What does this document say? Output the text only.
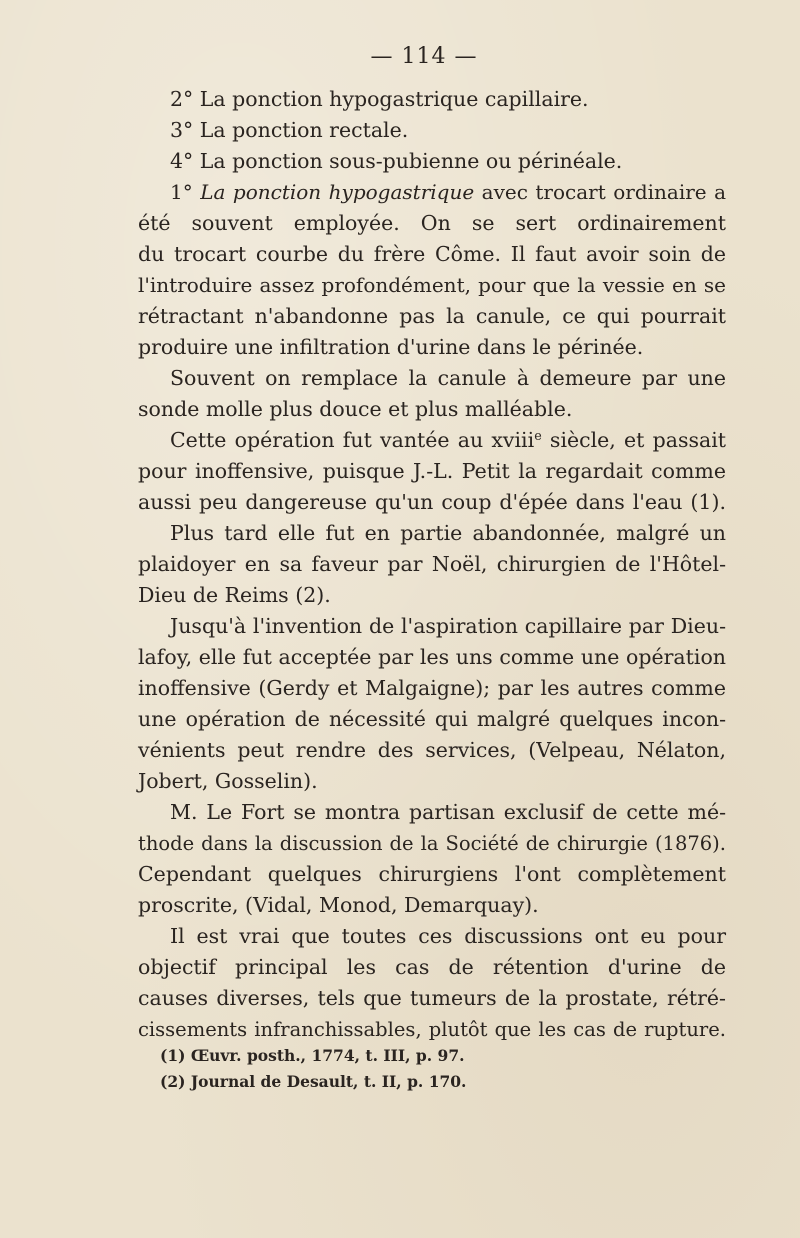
— 114 —
2° La ponction hypogastrique capillaire.
3° La ponction rectale.
4° La ponction sous-pubienne ou périnéale.
1° La ponction hypogastrique avec trocart ordinaire a
été souvent employée. On se sert ordinairement
du trocart courbe du frère Côme. Il faut avoir soin de
l'introduire assez profondément, pour que la vessie en se
rétractant n'abandonne pas la canule, ce qui pourrait
produire une infiltration d'urine dans le périnée.
Souvent on remplace la canule à demeure par une
sonde molle plus douce et plus malléable.
Cette opération fut vantée au xviii$^e$ siècle, et passait
pour inoffensive, puisque J.-L. Petit la regardait comme
aussi peu dangereuse qu'un coup d'épée dans l'eau (1).
Plus tard elle fut en partie abandonnée, malgré un
plaidoyer en sa faveur par Noël, chirurgien de l'Hôtel-
Dieu de Reims (2).
Jusqu'à l'invention de l'aspiration capillaire par Dieu-
lafoy, elle fut acceptée par les uns comme une opération
inoffensive (Gerdy et Malgaigne); par les autres comme
une opération de nécessité qui malgré quelques incon-
vénients peut rendre des services, (Velpeau, Nélaton,
Jobert, Gosselin).
M. Le Fort se montra partisan exclusif de cette mé-
thode dans la discussion de la Société de chirurgie (1876).
Cependant quelques chirurgiens l'ont complètement
proscrite, (Vidal, Monod, Demarquay).
Il est vrai que toutes ces discussions ont eu pour
objectif principal les cas de rétention d'urine de
causes diverses, tels que tumeurs de la prostate, rétré-
cissements infranchissables, plutôt que les cas de rupture.
(1) Œuvr. posth., 1774, t. III, p. 97.
(2) Journal de Desault, t. II, p. 170.
